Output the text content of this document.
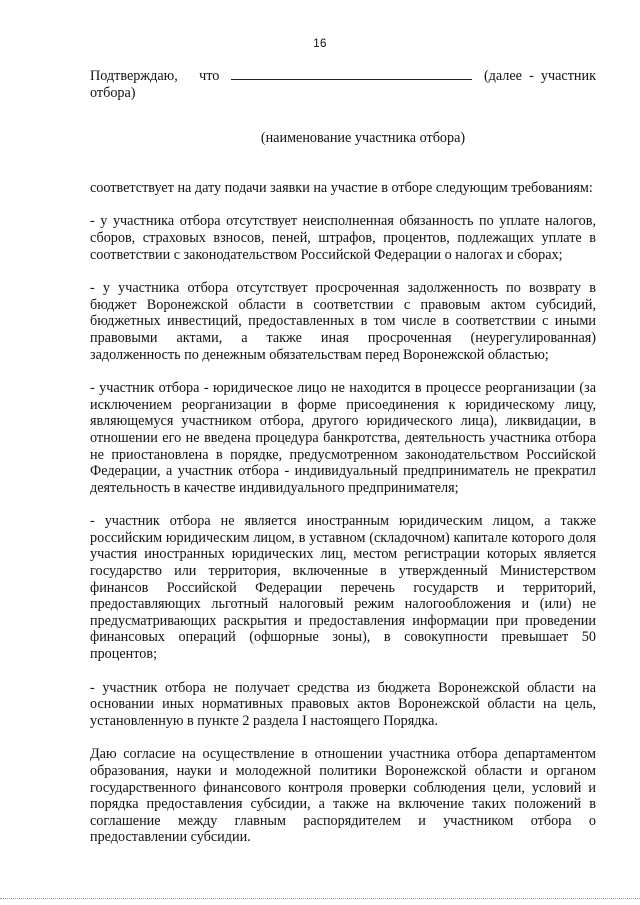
16
Подтверждаю,      что	(далее  -  участник

отбора)

(наименование участника отбора)

соответствует на дату подачи заявки на участие в отборе следующим требованиям:

- у участника отбора отсутствует неисполненная обязанность по уплате налогов, сборов, страховых взносов, пеней, штрафов, процентов, подлежащих уплате в соответствии с законодательством Российской Федерации о налогах и сборах;

- у участника отбора отсутствует просроченная задолженность по возврату в бюджет Воронежской области в соответствии с правовым актом субсидий, бюджетных инвестиций, предоставленных в том числе в соответствии с иными правовыми актами, а также иная просроченная (неурегулированная) задолженность по денежным обязательствам перед Воронежской областью;

- участник отбора - юридическое лицо не находится в процессе реорганизации (за исключением реорганизации в форме присоединения к юридическому лицу, являющемуся участником отбора, другого юридического лица), ликвидации, в отношении его не введена процедура банкротства, деятельность участника отбора не приостановлена в порядке, предусмотренном законодательством Российской Федерации, а участник отбора - индивидуальный предприниматель не прекратил деятельность в качестве индивидуального предпринимателя;

- участник отбора не является иностранным юридическим лицом, а также российским юридическим лицом, в уставном (складочном) капитале которого доля участия иностранных юридических лиц, местом регистрации которых является государство или территория, включенные в утвержденный Министерством финансов Российской Федерации перечень государств и территорий, предоставляющих льготный налоговый режим налогообложения и (или) не предусматривающих раскрытия и предоставления информации при проведении финансовых операций (офшорные зоны), в совокупности превышает 50 процентов;

- участник отбора не получает средства из бюджета Воронежской области на основании иных нормативных правовых актов Воронежской области на цель, установленную в пункте 2 раздела I настоящего Порядка.

Даю согласие на осуществление в отношении участника отбора департаментом образования, науки и молодежной политики Воронежской области и органом государственного финансового контроля проверки соблюдения цели, условий и порядка предоставления субсидии, а также на включение таких положений в соглашение между главным распорядителем и участником отбора о предоставлении субсидии.
